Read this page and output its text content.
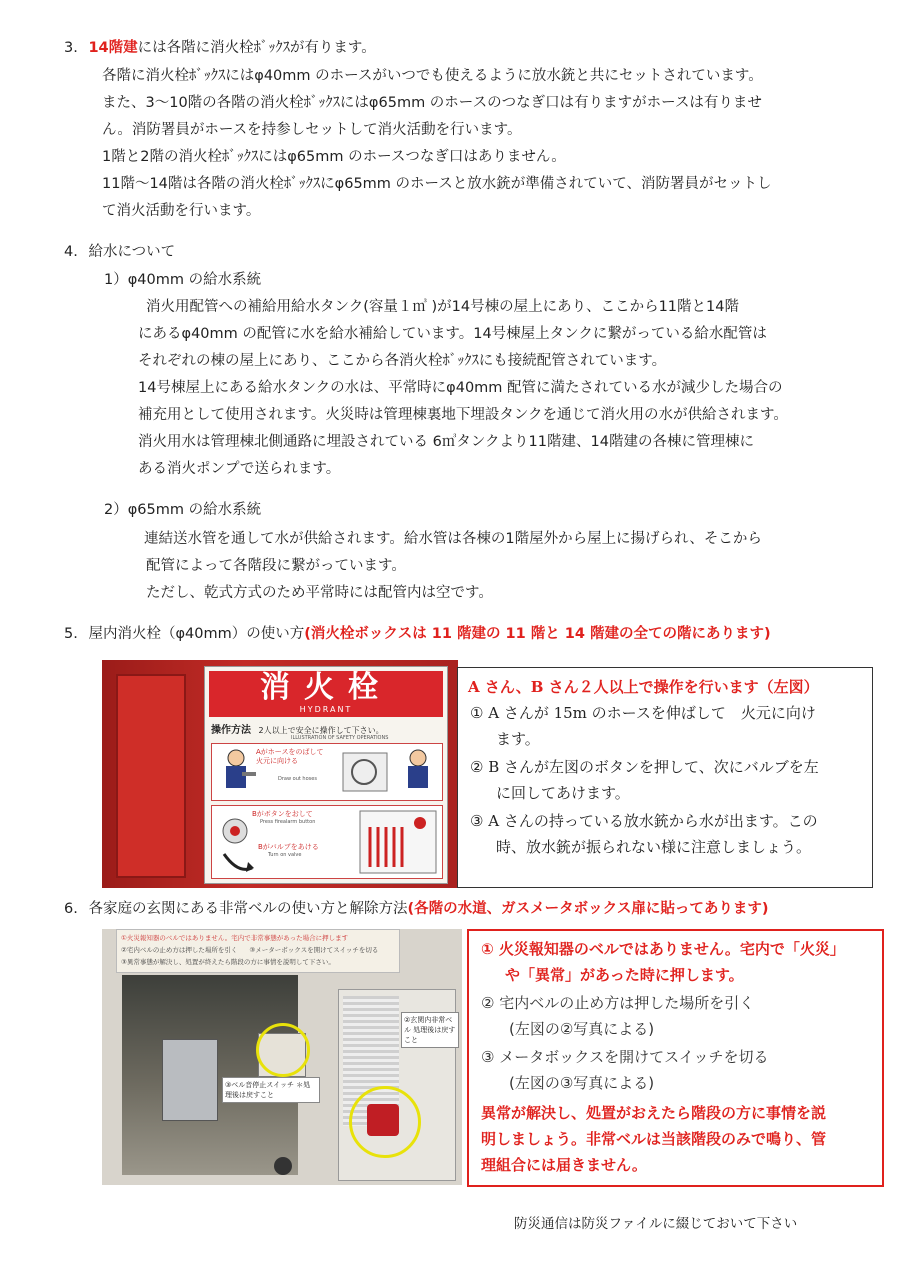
3. 14階建には各階に消火栓ﾎﾞｯｸｽが有ります。
各階に消火栓ﾎﾞｯｸｽにはφ40mm のホースがいつでも使えるように放水銃と共にセットされています。
また、3～10階の各階の消火栓ﾎﾞｯｸｽにはφ65mm のホースのつなぎ口は有りますがホースは有りませ
ん。消防署員がホースを持参しセットして消火活動を行います。
1階と2階の消火栓ﾎﾞｯｸｽにはφ65mm のホースつなぎ口はありません。
11階～14階は各階の消火栓ﾎﾞｯｸｽにφ65mm のホースと放水銃が準備されていて、消防署員がセットし
て消火活動を行います。
4. 給水について
1）φ40mm の給水系統
消火用配管への補給用給水タンク(容量１㎥ )が14号棟の屋上にあり、ここから11階と14階
にあるφ40mm の配管に水を給水補給しています。14号棟屋上タンクに繋がっている給水配管は
それぞれの棟の屋上にあり、ここから各消火栓ﾎﾞｯｸｽにも接続配管されています。
14号棟屋上にある給水タンクの水は、平常時にφ40mm 配管に満たされている水が減少した場合の
補充用として使用されます。火災時は管理棟裏地下埋設タンクを通じて消火用の水が供給されます。
消火用水は管理棟北側通路に埋設されている 6㎥タンクより11階建、14階建の各棟に管理棟に
ある消火ポンプで送られます。
2）φ65mm の給水系統
連結送水管を通して水が供給されます。給水管は各棟の1階屋外から屋上に揚げられ、そこから
配管によって各階段に繋がっています。
ただし、乾式方式のため平常時には配管内は空です。
5. 屋内消火栓（φ40mm）の使い方(消火栓ボックスは 11 階建の 11 階と 14 階建の全ての階にあります)
消火栓
HYDRANT
操作方法 2人以上で安全に操作して下さい。
ILLUSTRATION OF SAFETY OPERATIONS
Aがホースをのばして火元に向ける
Draw out hoses
Bがボタンをおして
Press firealarm button
Bがバルブをあける
Turn on valve
A さん、B さん２人以上で操作を行います（左図）
① A さんが 15m のホースを伸ばして　火元に向け
ます。
② B さんが左図のボタンを押して、次にバルブを左
に回してあけます。
③ A さんの持っている放水銃から水が出ます。この
時、放水銃が振られない様に注意しましょう。
6. 各家庭の玄関にある非常ベルの使い方と解除方法(各階の水道、ガスメータボックス扉に貼ってあります)
①火災報知器のベルではありません。宅内で非常事態があった場合に押します
②宅内ベルの止め方は押した場所を引く ③メーターボックスを開けてスイッチを切る
③異常事態が解決し、処置が終えたら階段の方に事情を説明して下さい。
③ベル音停止スイッチ ＊処理後は戻すこと
②玄関内非常ベル 処理後は戻すこと
① 火災報知器のベルではありません。宅内で「火災」
や「異常」があった時に押します。
② 宅内ベルの止め方は押した場所を引く
(左図の②写真による)
③ メータボックスを開けてスイッチを切る
(左図の③写真による)
異常が解決し、処置がおえたら階段の方に事情を説
明しましょう。非常ベルは当該階段のみで鳴り、管
理組合には届きません。
防災通信は防災ファイルに綴じておいて下さい
